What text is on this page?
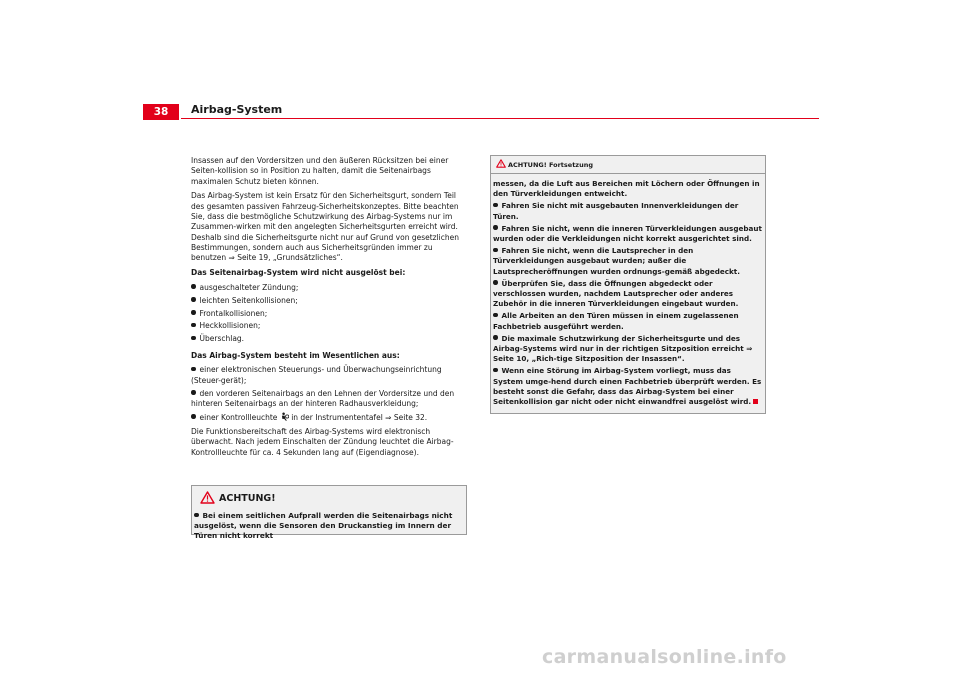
38	Airbag-System

Insassen auf den Vordersitzen und den äußeren Rücksitzen bei einer Seiten-kollision so in Position zu halten, damit die Seitenairbags maximalen Schutz bieten können.

Das Airbag-System ist kein Ersatz für den Sicherheitsgurt, sondern Teil des gesamten passiven Fahrzeug-Sicherheitskonzeptes. Bitte beachten Sie, dass die bestmögliche Schutzwirkung des Airbag-Systems nur im Zusammen-wirken mit den angelegten Sicherheitsgurten erreicht wird. Deshalb sind die Sicherheitsgurte nicht nur auf Grund von gesetzlichen Bestimmungen, sondern auch aus Sicherheitsgründen immer zu benutzen ⇒ Seite 19, „Grundsätzliches“.

Das Seitenairbag-System wird nicht ausgelöst bei:

ausgeschalteter Zündung;
leichten Seitenkollisionen;
Frontalkollisionen;
Heckkollisionen;
Überschlag.

Das Airbag-System besteht im Wesentlichen aus:

einer elektronischen Steuerungs- und Überwachungseinrichtung (Steuer-gerät);
den vorderen Seitenairbags an den Lehnen der Vordersitze und den hinteren Seitenairbags an der hinteren Radhausverkleidung;
einer Kontrollleuchte in der Instrumententafel ⇒ Seite 32.

Die Funktionsbereitschaft des Airbag-Systems wird elektronisch überwacht. Nach jedem Einschalten der Zündung leuchtet die Airbag-Kontrollleuchte für ca. 4 Sekunden lang auf (Eigendiagnose).

ACHTUNG!
Bei einem seitlichen Aufprall werden die Seitenairbags nicht ausgelöst, wenn die Sensoren den Druckanstieg im Innern der Türen nicht korrekt
ACHTUNG! Fortsetzung

messen, da die Luft aus Bereichen mit Löchern oder Öffnungen in den Türverkleidungen entweicht.

Fahren Sie nicht mit ausgebauten Innenverkleidungen der Türen.

Fahren Sie nicht, wenn die inneren Türverkleidungen ausgebaut wurden oder die Verkleidungen nicht korrekt ausgerichtet sind.

Fahren Sie nicht, wenn die Lautsprecher in den Türverkleidungen ausgebaut wurden; außer die Lautsprecheröffnungen wurden ordnungs-gemäß abgedeckt.

Überprüfen Sie, dass die Öffnungen abgedeckt oder verschlossen wurden, nachdem Lautsprecher oder anderes Zubehör in die inneren Türverkleidungen eingebaut wurden.

Alle Arbeiten an den Türen müssen in einem zugelassenen Fachbetrieb ausgeführt werden.

Die maximale Schutzwirkung der Sicherheitsgurte und des Airbag-Systems wird nur in der richtigen Sitzposition erreicht ⇒ Seite 10, „Rich-tige Sitzposition der Insassen“.

Wenn eine Störung im Airbag-System vorliegt, muss das System umge-hend durch einen Fachbetrieb überprüft werden. Es besteht sonst die Gefahr, dass das Airbag-System bei einer Seitenkollision gar nicht oder nicht einwandfrei ausgelöst wird.

carmanualsonline.info
